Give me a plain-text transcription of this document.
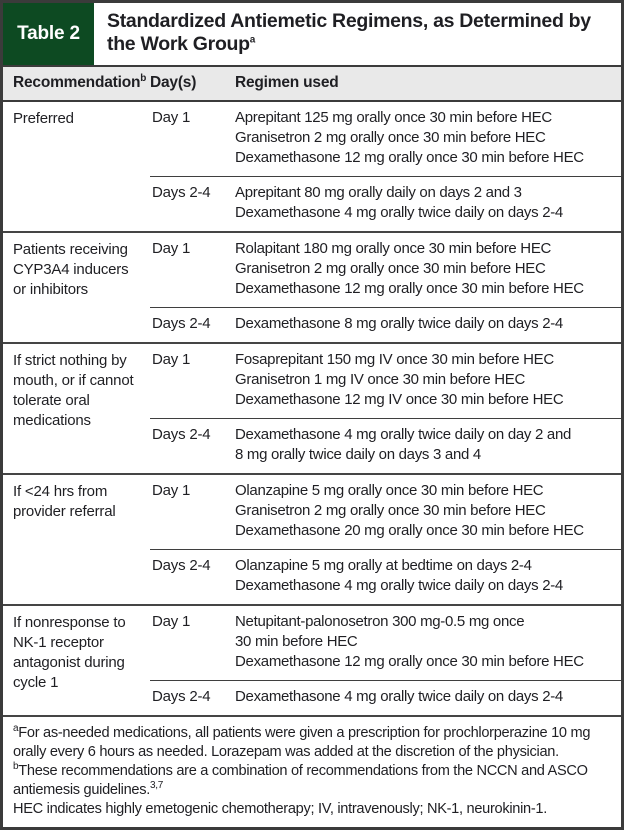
Table 2
Standardized Antiemetic Regimens, as Determined by
the Work Group$^a$
Recommendation$^b$ Day(s)	Regimen used
Preferred	Day 1	Aprepitant 125 mg orally once 30 min before HEC
Granisetron 2 mg orally once 30 min before HEC
Dexamethasone 12 mg orally once 30 min before HEC
Days 2-4	Aprepitant 80 mg orally daily on days 2 and 3
Dexamethasone 4 mg orally twice daily on days 2-4
Patients receiving CYP3A4 inducers or inhibitors
Day 1	Rolapitant 180 mg orally once 30 min before HEC
Granisetron 2 mg orally once 30 min before HEC
Dexamethasone 12 mg orally once 30 min before HEC
Days 2-4	Dexamethasone 8 mg orally twice daily on days 2-4
If strict nothing by mouth, or if cannot tolerate oral medications
Day 1	Fosaprepitant 150 mg IV once 30 min before HEC
Granisetron 1 mg IV once 30 min before HEC
Dexamethasone 12 mg IV once 30 min before HEC
Days 2-4	Dexamethasone 4 mg orally twice daily on day 2 and
8 mg orally twice daily on days 3 and 4
If <24 hrs from provider referral
Day 1	Olanzapine 5 mg orally once 30 min before HEC
Granisetron 2 mg orally once 30 min before HEC
Dexamethasone 20 mg orally once 30 min before HEC
Days 2-4	Olanzapine 5 mg orally at bedtime on days 2-4
Dexamethasone 4 mg orally twice daily on days 2-4
If nonresponse to NK-1 receptor antagonist during cycle 1
Day 1	Netupitant-palonosetron 300 mg-0.5 mg once
30 min before HEC
Dexamethasone 12 mg orally once 30 min before HEC
Days 2-4	Dexamethasone 4 mg orally twice daily on days 2-4

$^a$For as-needed medications, all patients were given a prescription for prochlorperazine 10 mg orally every 6 hours as needed. Lorazepam was added at the discretion of the physician.

$^b$These recommendations are a combination of recommendations from the NCCN and ASCO antiemesis guidelines.$^{3,7}$

HEC indicates highly emetogenic chemotherapy; IV, intravenously; NK-1, neurokinin-1.
